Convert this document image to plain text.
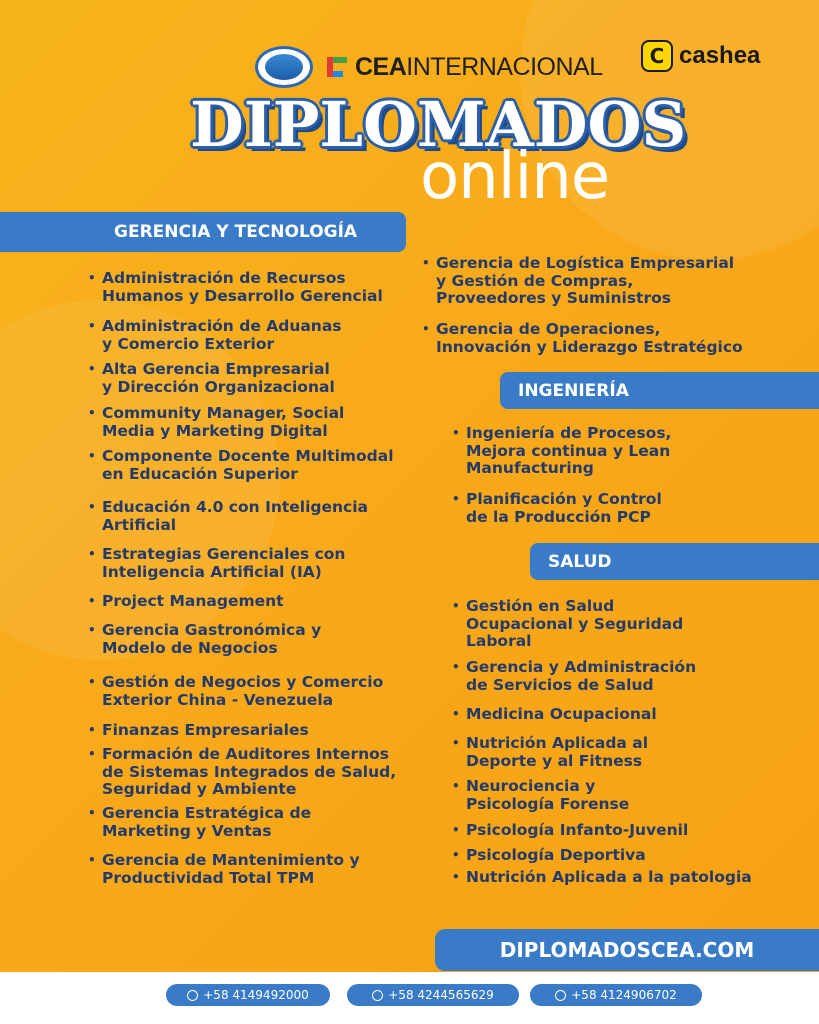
CEAINTERNACIONAL	C cashea
DIPLOMADOS
online
GERENCIA Y TECNOLOGÍA
• Administración de Recursos
Humanos y Desarrollo Gerencial
• Administración de Aduanas
y Comercio Exterior
• Alta Gerencia Empresarial
y Dirección Organizacional
• Community Manager, Social
Media y Marketing Digital
• Componente Docente Multimodal
en Educación Superior
• Educación 4.0 con Inteligencia
Artificial
• Estrategias Gerenciales con
Inteligencia Artificial (IA)
• Project Management
• Gerencia Gastronómica y
Modelo de Negocios
• Gestión de Negocios y Comercio
Exterior China - Venezuela
• Finanzas Empresariales
• Formación de Auditores Internos
de Sistemas Integrados de Salud,
Seguridad y Ambiente
• Gerencia Estratégica de
Marketing y Ventas
• Gerencia de Mantenimiento y
Productividad Total TPM
• Gerencia de Logística Empresarial
y Gestión de Compras,
Proveedores y Suministros
• Gerencia de Operaciones,
Innovación y Liderazgo Estratégico
INGENIERÍA
• Ingeniería de Procesos,
Mejora continua y Lean
Manufacturing
• Planificación y Control
de la Producción PCP
SALUD
• Gestión en Salud
Ocupacional y Seguridad
Laboral
• Gerencia y Administración
de Servicios de Salud
• Medicina Ocupacional
• Nutrición Aplicada al
Deporte y al Fitness
• Neurociencia y
Psicología Forense
• Psicología Infanto-Juvenil
• Psicología Deportiva
• Nutrición Aplicada a la patologia
DIPLOMADOSCEA.COM
+58 4149492000	+58 4244565629	+58 4124906702
